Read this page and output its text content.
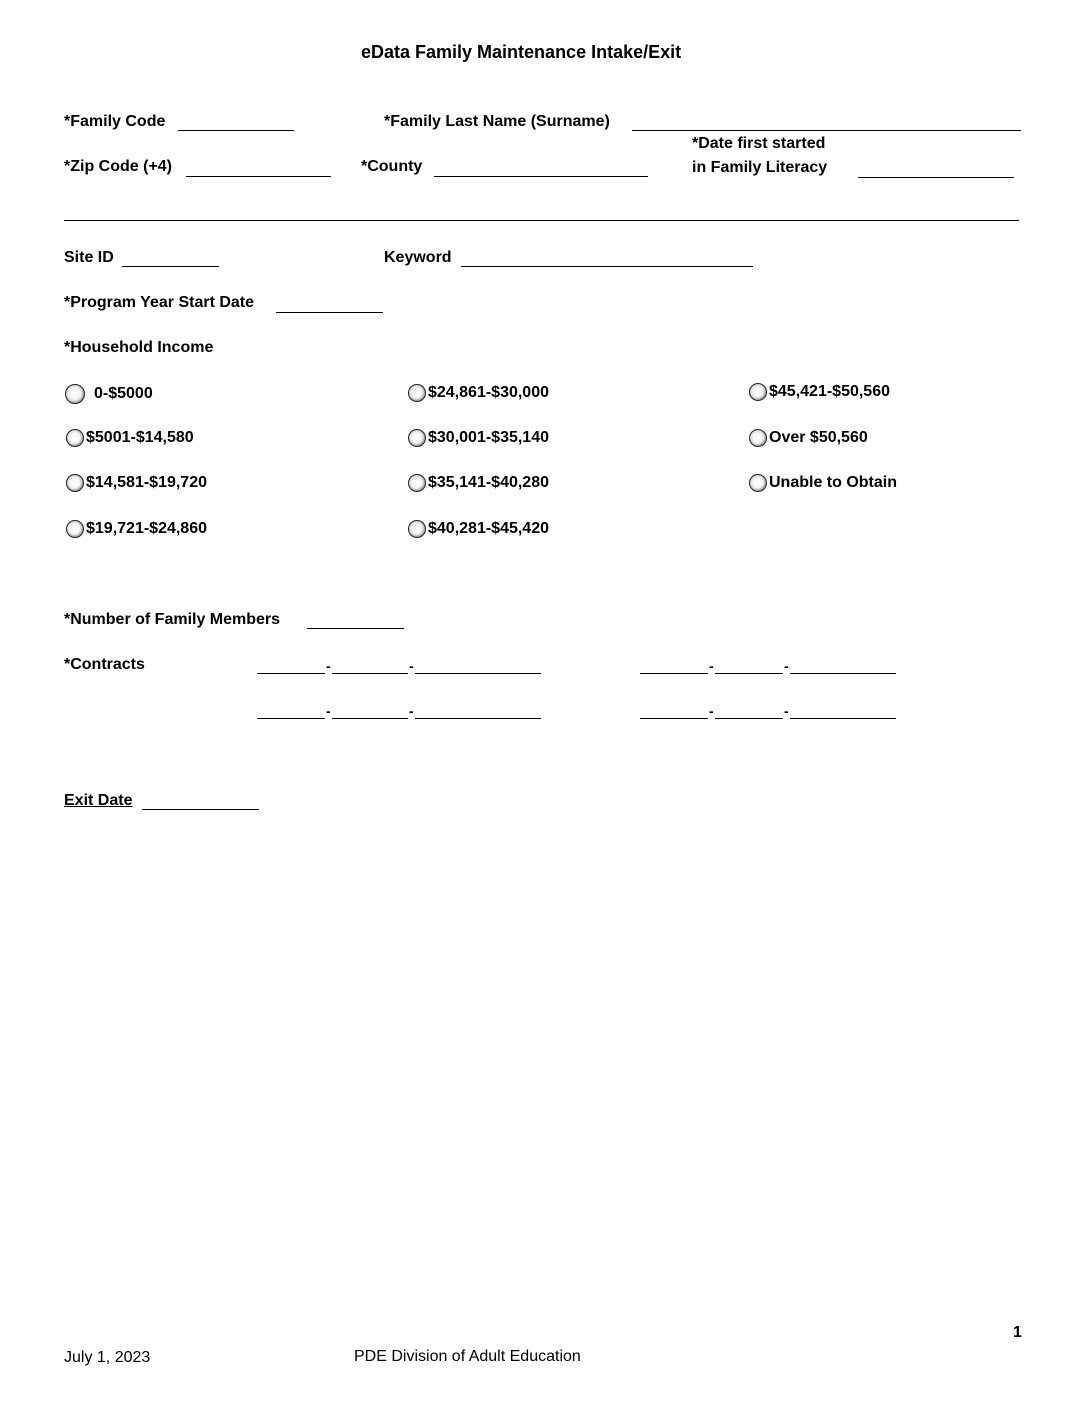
eData Family Maintenance Intake/Exit
*Family Code	*Family Last Name (Surname)
*Zip Code (+4)	*County
*Date first started
in Family Literacy
Site ID	Keyword
*Program Year Start Date
*Household Income
0-$5000
$5001-$14,580
$14,581-$19,720
$19,721-$24,860
$24,861-$30,000
$30,001-$35,140
$35,141-$40,280
$40,281-$45,420
$45,421-$50,560
Over $50,560
Unable to Obtain
*Number of Family Members
*Contracts	-	-	-	-
-	-	-	-
Exit Date
1
July 1, 2023	PDE Division of Adult Education
